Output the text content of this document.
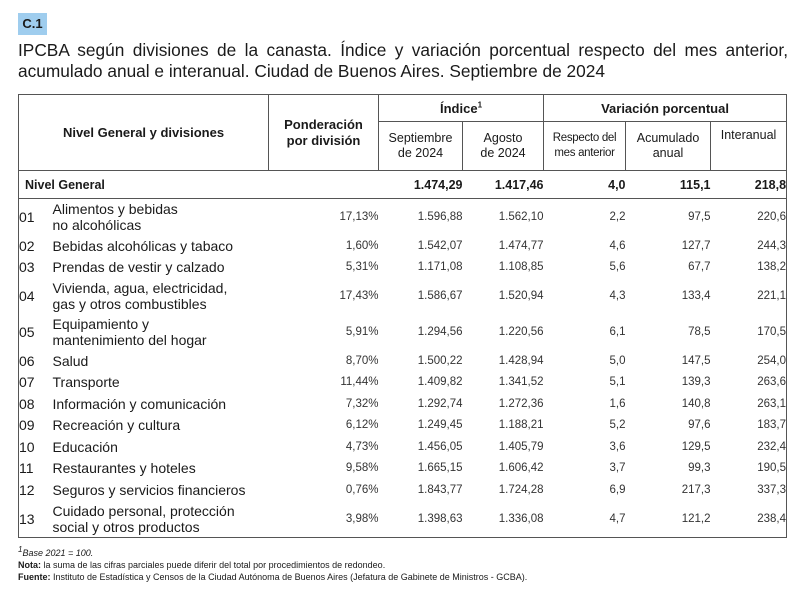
C.1
IPCBA según divisiones de la canasta. Índice y variación porcentual respecto del mes anterior,
acumulado anual e interanual. Ciudad de Buenos Aires. Septiembre de 2024
Nivel General y divisiones		Ponderación por división	Índice$^1$		Variación porcentual		
			Septiembre
de 2024	Agosto
de 2024	Respecto del
mes anterior	Acumulado
anual	Interanual
Nivel General			1.474,29	1.417,46	4,0	115,1	218,8
01	Alimentos y bebidas
no alcohólicas	17,13%	1.596,88	1.562,10	2,2	97,5	220,6
02	Bebidas alcohólicas y tabaco	1,60%	1.542,07	1.474,77	4,6	127,7	244,3
03	Prendas de vestir y calzado	5,31%	1.171,08	1.108,85	5,6	67,7	138,2
04	Vivienda, agua, electricidad,
gas y otros combustibles	17,43%	1.586,67	1.520,94	4,3	133,4	221,1
05	Equipamiento y
mantenimiento del hogar	5,91%	1.294,56	1.220,56	6,1	78,5	170,5
06	Salud	8,70%	1.500,22	1.428,94	5,0	147,5	254,0
07	Transporte	11,44%	1.409,82	1.341,52	5,1	139,3	263,6
08	Información y comunicación	7,32%	1.292,74	1.272,36	1,6	140,8	263,1
09	Recreación y cultura	6,12%	1.249,45	1.188,21	5,2	97,6	183,7
10	Educación	4,73%	1.456,05	1.405,79	3,6	129,5	232,4
11	Restaurantes y hoteles	9,58%	1.665,15	1.606,42	3,7	99,3	190,5
12	Seguros y servicios financieros	0,76%	1.843,77	1.724,28	6,9	217,3	337,3
13	Cuidado personal, protección
social y otros productos	3,98%	1.398,63	1.336,08	4,7	121,2	238,4
$^1$Base 2021 = 100.
Nota: la suma de las cifras parciales puede diferir del total por procedimientos de redondeo.
Fuente: Instituto de Estadística y Censos de la Ciudad Autónoma de Buenos Aires (Jefatura de Gabinete de Ministros - GCBA).
